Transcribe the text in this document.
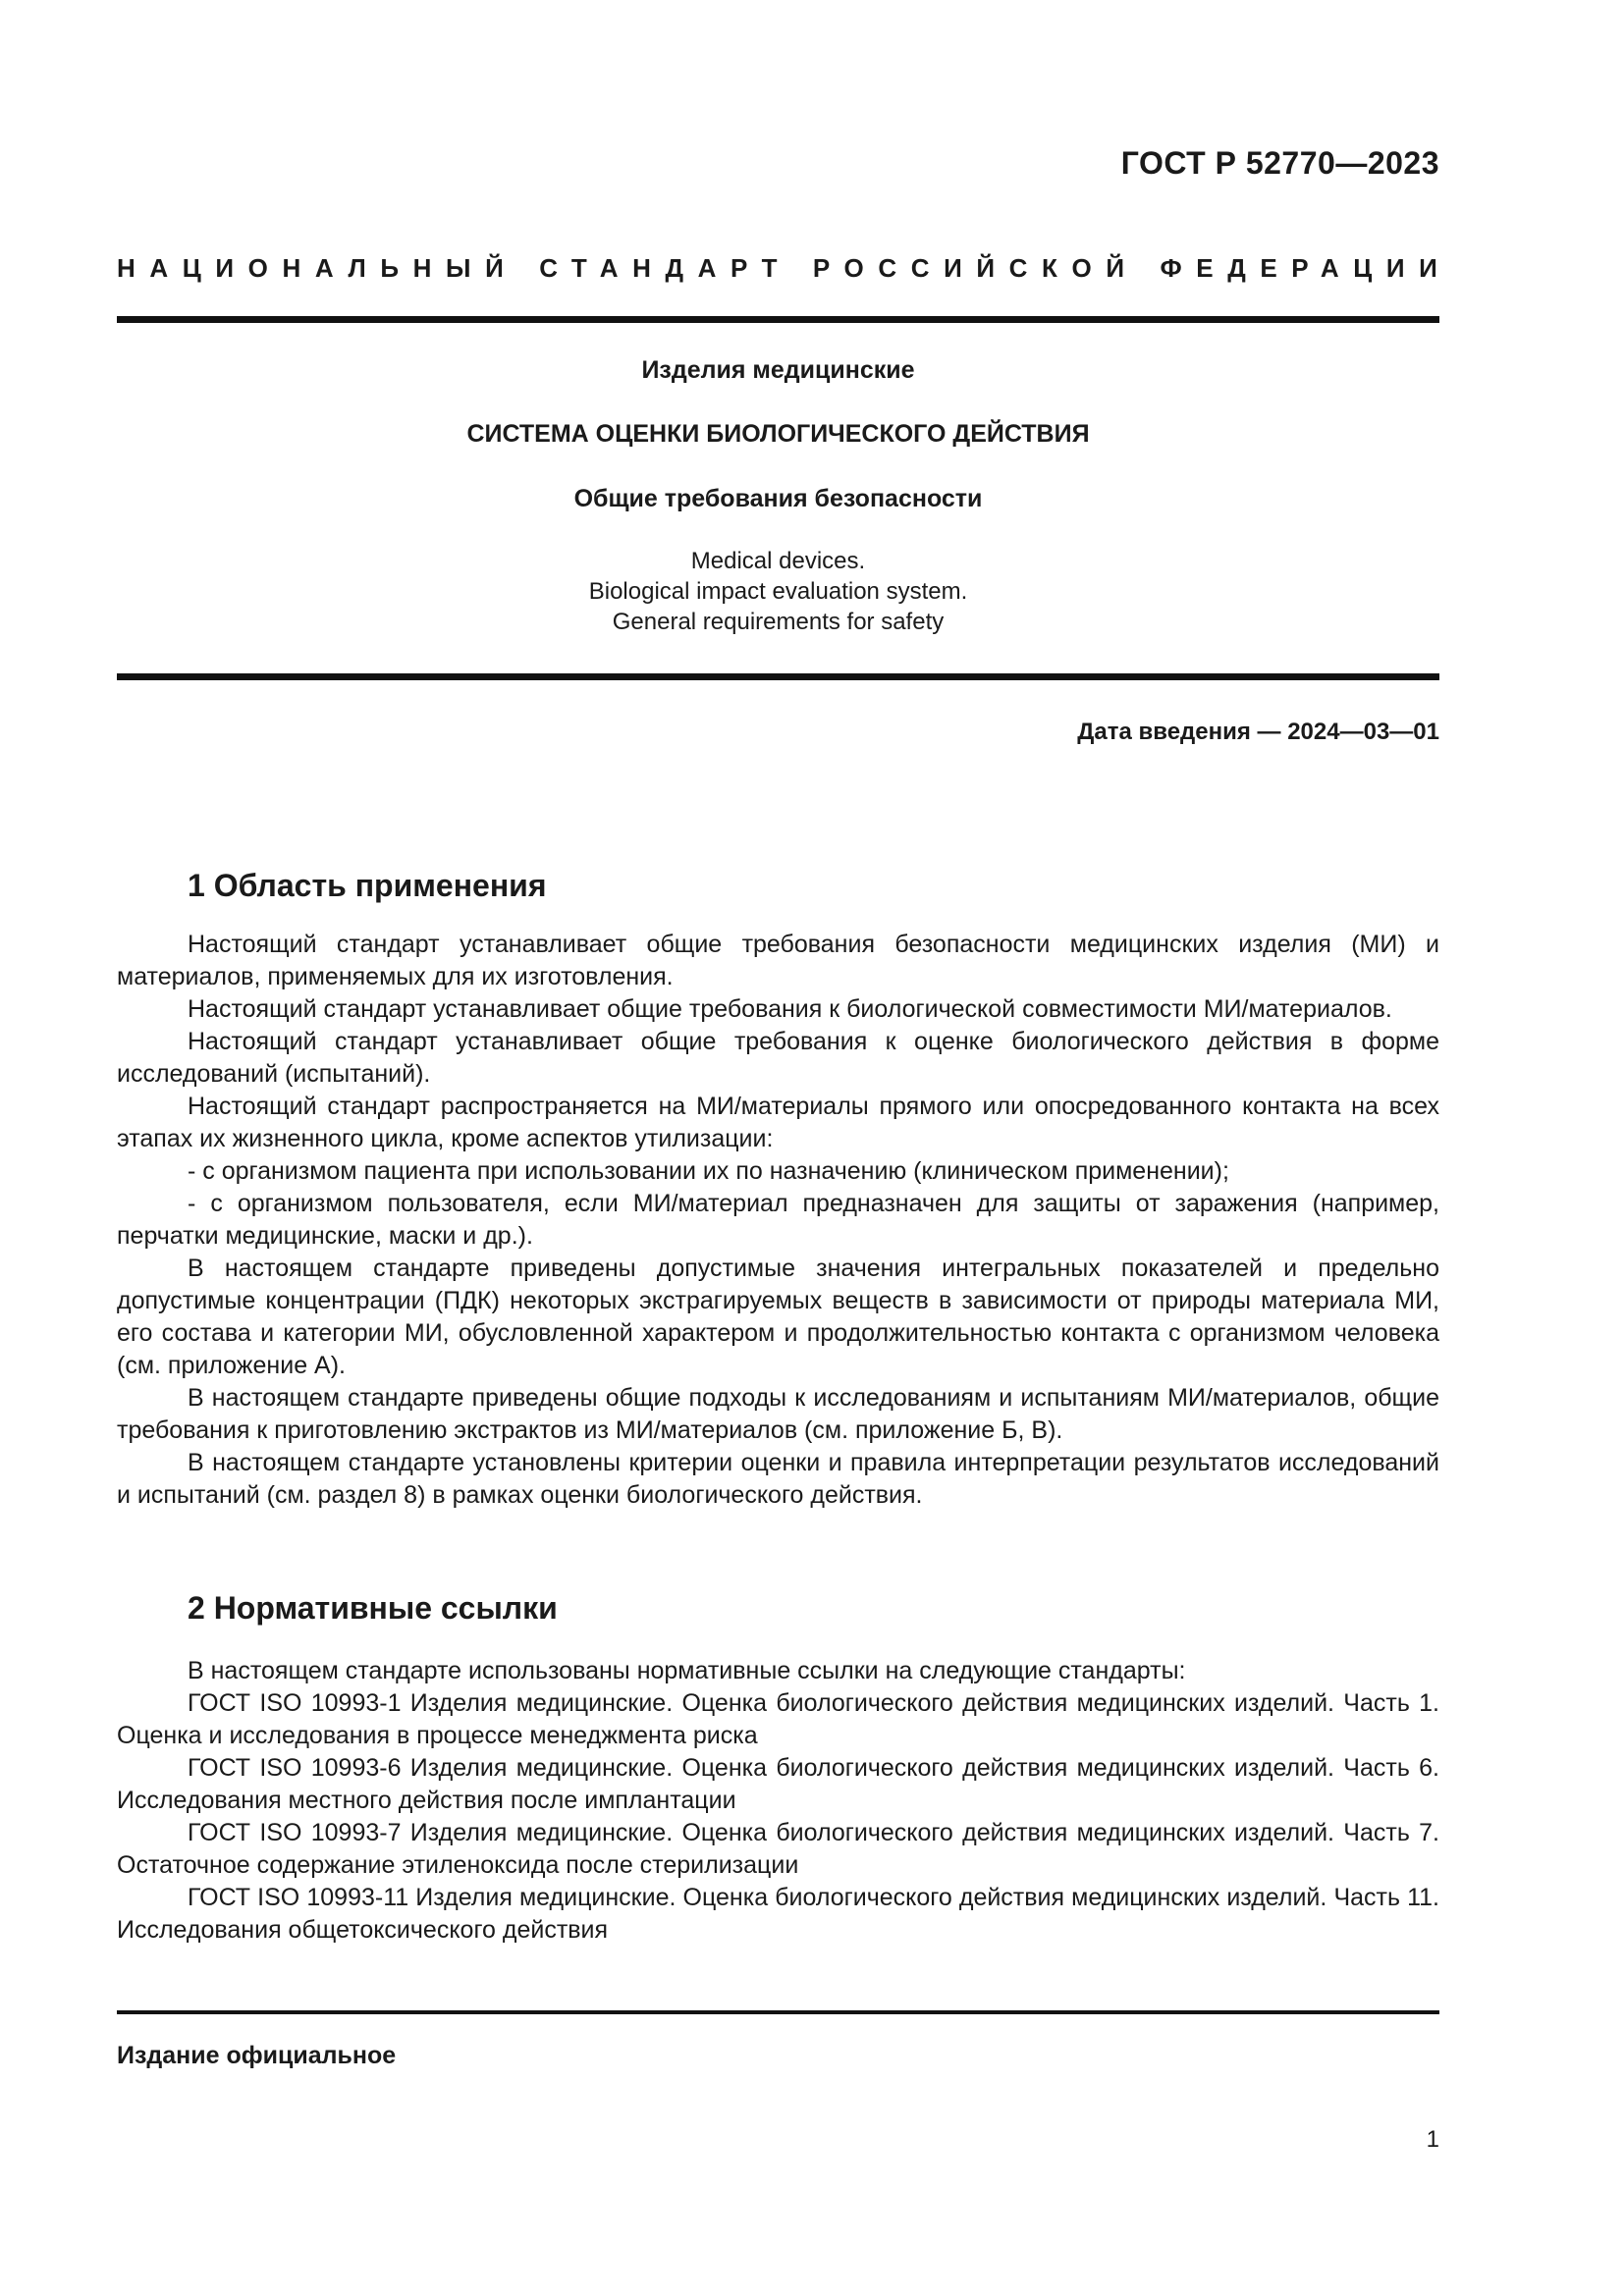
ГОСТ Р 52770—2023
НАЦИОНАЛЬНЫЙ СТАНДАРТ РОССИЙСКОЙ ФЕДЕРАЦИИ
Изделия медицинские
СИСТЕМА ОЦЕНКИ БИОЛОГИЧЕСКОГО ДЕЙСТВИЯ
Общие требования безопасности
Medical devices.
Biological impact evaluation system.
General requirements for safety
Дата введения — 2024—03—01
1 Область применения

Настоящий стандарт устанавливает общие требования безопасности медицинских изделия (МИ) и материалов, применяемых для их изготовления.

Настоящий стандарт устанавливает общие требования к биологической совместимости МИ/материалов.

Настоящий стандарт устанавливает общие требования к оценке биологического действия в форме исследований (испытаний).

Настоящий стандарт распространяется на МИ/материалы прямого или опосредованного контакта на всех этапах их жизненного цикла, кроме аспектов утилизации:

- с организмом пациента при использовании их по назначению (клиническом применении);

- с организмом пользователя, если МИ/материал предназначен для защиты от заражения (например, перчатки медицинские, маски и др.).

В настоящем стандарте приведены допустимые значения интегральных показателей и предельно допустимые концентрации (ПДК) некоторых экстрагируемых веществ в зависимости от природы материала МИ, его состава и категории МИ, обусловленной характером и продолжительностью контакта с организмом человека (см. приложение А).

В настоящем стандарте приведены общие подходы к исследованиям и испытаниям МИ/материалов, общие требования к приготовлению экстрактов из МИ/материалов (см. приложение Б, В).

В настоящем стандарте установлены критерии оценки и правила интерпретации результатов исследований и испытаний (см. раздел 8) в рамках оценки биологического действия.

2 Нормативные ссылки

В настоящем стандарте использованы нормативные ссылки на следующие стандарты:

ГОСТ ISO 10993-1 Изделия медицинские. Оценка биологического действия медицинских изделий. Часть 1. Оценка и исследования в процессе менеджмента риска

ГОСТ ISO 10993-6 Изделия медицинские. Оценка биологического действия медицинских изделий. Часть 6. Исследования местного действия после имплантации

ГОСТ ISO 10993-7 Изделия медицинские. Оценка биологического действия медицинских изделий. Часть 7. Остаточное содержание этиленоксида после стерилизации

ГОСТ ISO 10993-11 Изделия медицинские. Оценка биологического действия медицинских изделий. Часть 11. Исследования общетоксического действия

Издание официальное
1
